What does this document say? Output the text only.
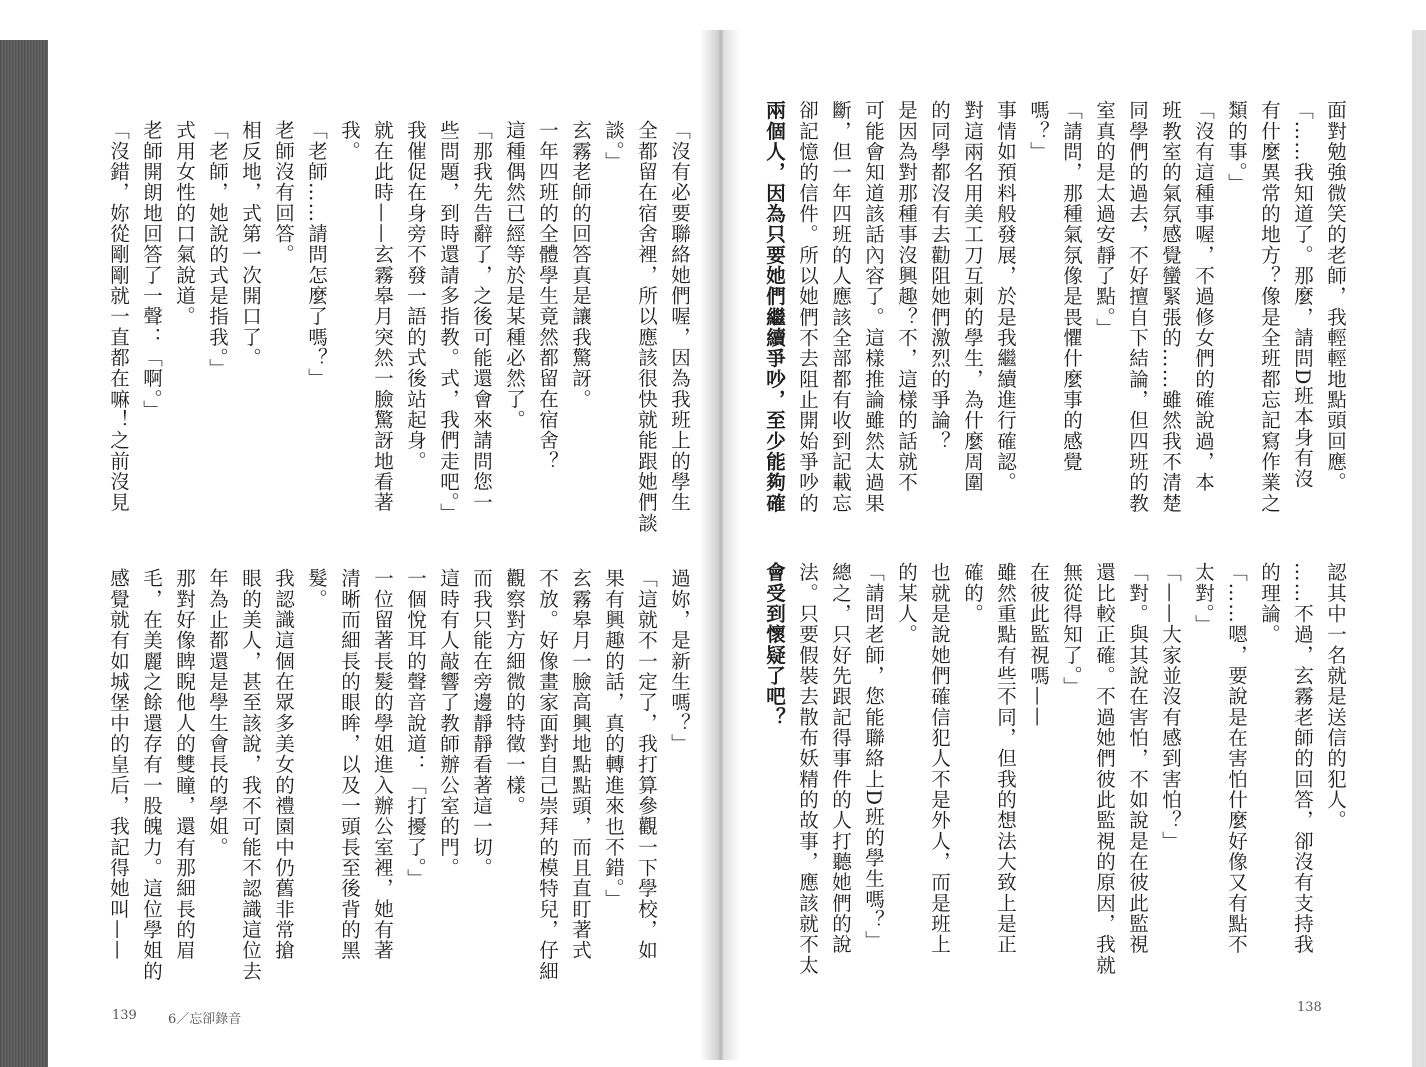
面對勉強微笑的老師，我輕輕地點頭回應。
「……我知道了。那麼，請問D班本身有沒
有什麼異常的地方？像是全班都忘記寫作業之
類的事。」
「沒有這種事喔，不過修女們的確說過，本
班教室的氣氛感覺蠻緊張的……雖然我不清楚
同學們的過去，不好擅自下結論，但四班的教
室真的是太過安靜了點。」
「請問，那種氣氛像是畏懼什麼事的感覺
嗎？」
事情如預料般發展，於是我繼續進行確認。
對這兩名用美工刀互刺的學生，為什麼周圍
的同學都沒有去勸阻她們激烈的爭論？
是因為對那種事沒興趣？不，這樣的話就不
可能會知道該話內容了。這樣推論雖然太過果
斷，但一年四班的人應該全部都有收到記載忘
卻記憶的信件。所以她們不去阻止開始爭吵的
兩個人，因為只要她們繼續爭吵，至少能夠確
認其中一名就是送信的犯人。
……不過，玄霧老師的回答，卻沒有支持我
的理論。
「……嗯，要說是在害怕什麼好像又有點不
太對。」
「——大家並沒有感到害怕？」
「對。與其說在害怕，不如說是在彼此監視
還比較正確。不過她們彼此監視的原因，我就
無從得知了。」
在彼此監視嗎——
雖然重點有些不同，但我的想法大致上是正
確的。
也就是說她們確信犯人不是外人，而是班上
的某人。
「請問老師，您能聯絡上D班的學生嗎？」
總之，只好先跟記得事件的人打聽她們的說
法。只要假裝去散布妖精的故事，應該就不太
會受到懷疑了吧？
138
「沒有必要聯絡她們喔，因為我班上的學生
全都留在宿舍裡，所以應該很快就能跟她們談
談。」
玄霧老師的回答真是讓我驚訝。
一年四班的全體學生竟然都留在宿舍？
這種偶然已經等於是某種必然了。
「那我先告辭了，之後可能還會來請問您一
些問題，到時還請多指教。式，我們走吧。」
我催促在身旁不發一語的式後站起身。
就在此時——玄霧皋月突然一臉驚訝地看著
我。
「老師……請問怎麼了嗎？」
老師沒有回答。
相反地，式第一次開口了。
「老師，她說的式是指我。」
式用女性的口氣說道。
老師開朗地回答了一聲：「啊。」
「沒錯，妳從剛剛就一直都在嘛！之前沒見
過妳，是新生嗎？」
「這就不一定了，我打算參觀一下學校，如
果有興趣的話，真的轉進來也不錯。」
玄霧皋月一臉高興地點點頭，而且直盯著式
不放。好像畫家面對自己崇拜的模特兒，仔細
觀察對方細微的特徵一樣。
而我只能在旁邊靜靜看著這一切。
這時有人敲響了教師辦公室的門。
一個悅耳的聲音說道：「打擾了。」
一位留著長髮的學姐進入辦公室裡，她有著
清晰而細長的眼眸，以及一頭長至後背的黑
髮。
我認識這個在眾多美女的禮園中仍舊非常搶
眼的美人，甚至該說，我不可能不認識這位去
年為止都還是學生會長的學姐。
那對好像睥睨他人的雙瞳，還有那細長的眉
毛，在美麗之餘還存有一股魄力。這位學姐的
感覺就有如城堡中的皇后，我記得她叫——
139 6／忘卻錄音
